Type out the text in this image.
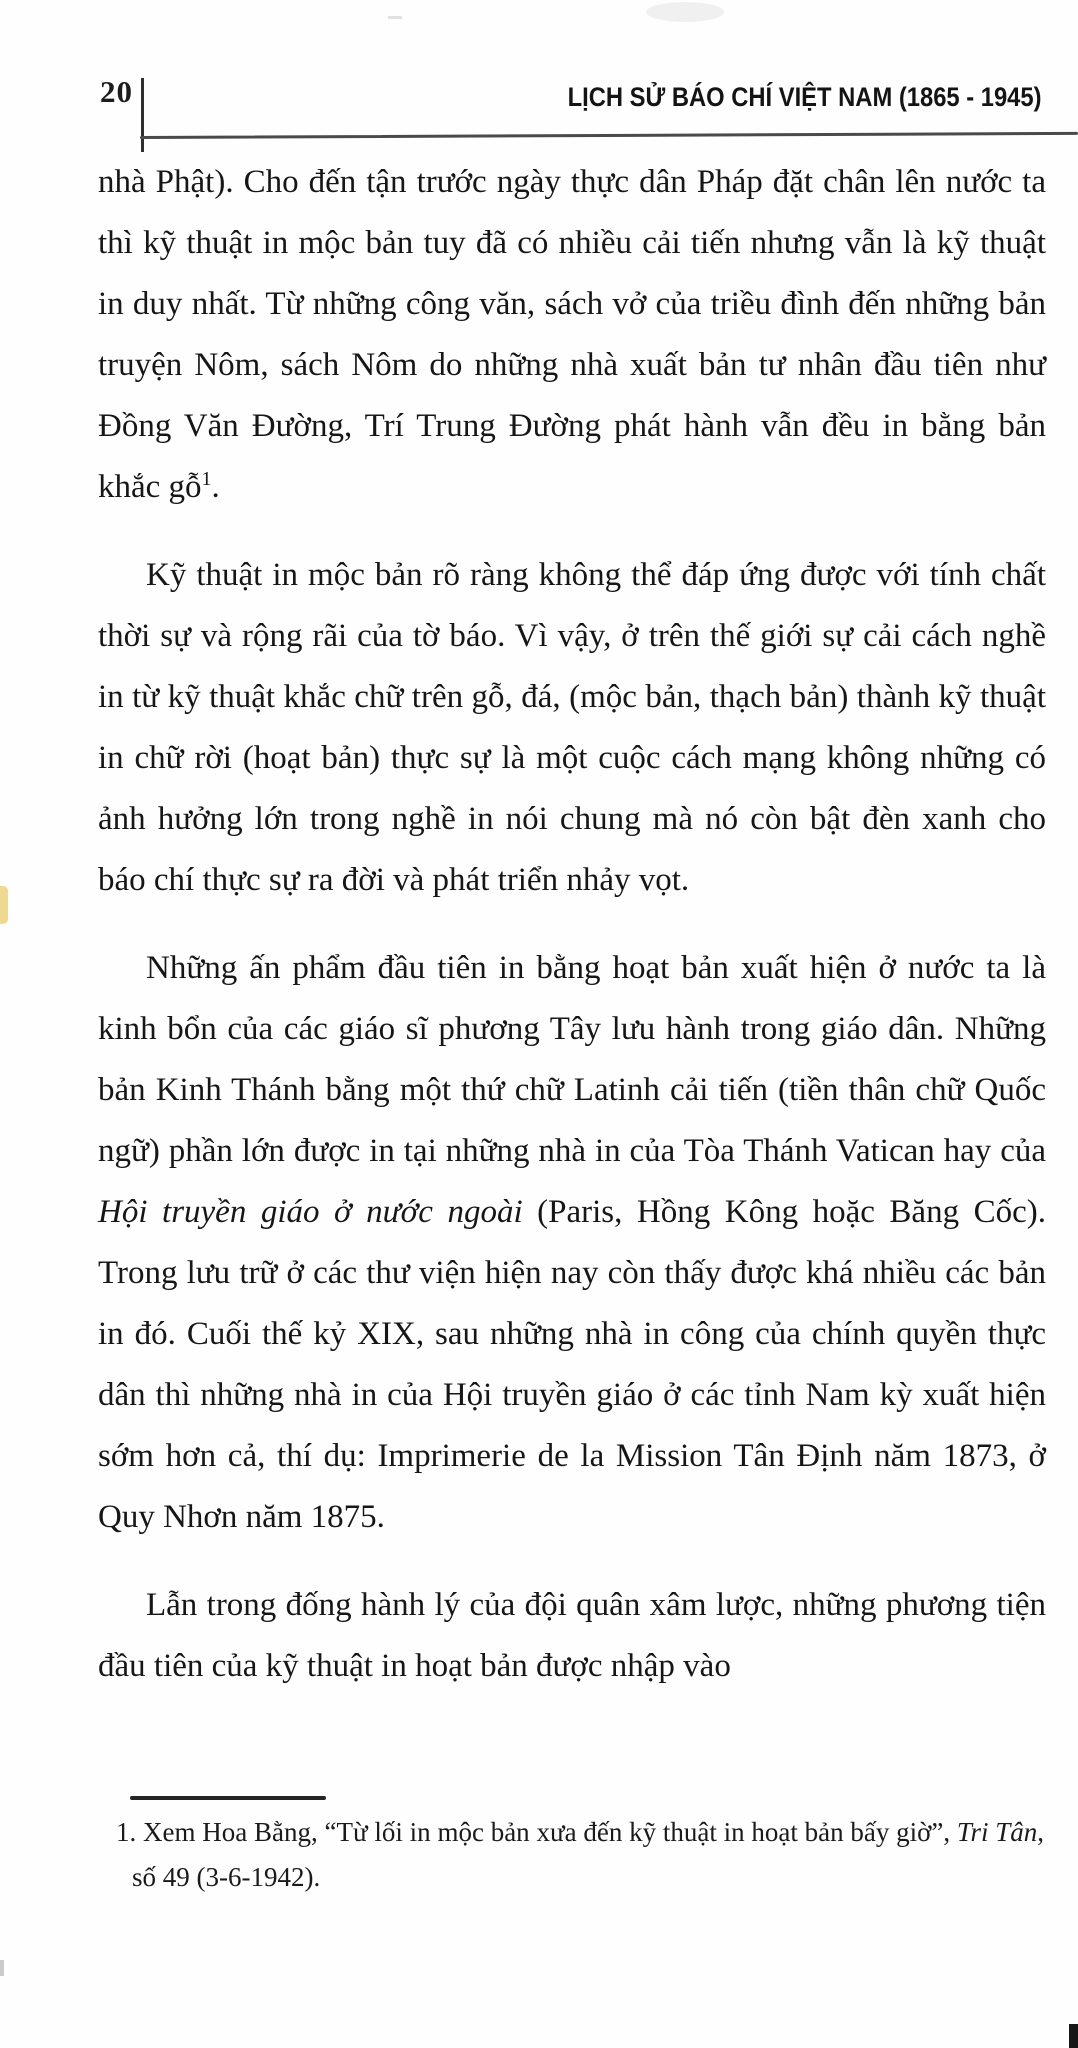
20	LỊCH SỬ BÁO CHÍ VIỆT NAM (1865 - 1945)

nhà Phật). Cho đến tận trước ngày thực dân Pháp đặt chân lên nước ta thì kỹ thuật in mộc bản tuy đã có nhiều cải tiến nhưng vẫn là kỹ thuật in duy nhất. Từ những công văn, sách vở của triều đình đến những bản truyện Nôm, sách Nôm do những nhà xuất bản tư nhân đầu tiên như Đồng Văn Đường, Trí Trung Đường phát hành vẫn đều in bằng bản khắc gỗ$^1$.

Kỹ thuật in mộc bản rõ ràng không thể đáp ứng được với tính chất thời sự và rộng rãi của tờ báo. Vì vậy, ở trên thế giới sự cải cách nghề in từ kỹ thuật khắc chữ trên gỗ, đá, (mộc bản, thạch bản) thành kỹ thuật in chữ rời (hoạt bản) thực sự là một cuộc cách mạng không những có ảnh hưởng lớn trong nghề in nói chung mà nó còn bật đèn xanh cho báo chí thực sự ra đời và phát triển nhảy vọt.

Những ấn phẩm đầu tiên in bằng hoạt bản xuất hiện ở nước ta là kinh bổn của các giáo sĩ phương Tây lưu hành trong giáo dân. Những bản Kinh Thánh bằng một thứ chữ Latinh cải tiến (tiền thân chữ Quốc ngữ) phần lớn được in tại những nhà in của Tòa Thánh Vatican hay của Hội truyền giáo ở nước ngoài (Paris, Hồng Kông hoặc Băng Cốc). Trong lưu trữ ở các thư viện hiện nay còn thấy được khá nhiều các bản in đó. Cuối thế kỷ XIX, sau những nhà in công của chính quyền thực dân thì những nhà in của Hội truyền giáo ở các tỉnh Nam kỳ xuất hiện sớm hơn cả, thí dụ: Imprimerie de la Mission Tân Định năm 1873, ở Quy Nhơn năm 1875.

Lẫn trong đống hành lý của đội quân xâm lược, những phương tiện đầu tiên của kỹ thuật in hoạt bản được nhập vào

1. Xem Hoa Bằng, “Từ lối in mộc bản xưa đến kỹ thuật in hoạt bản bấy giờ”, Tri Tân, số 49 (3-6-1942).
